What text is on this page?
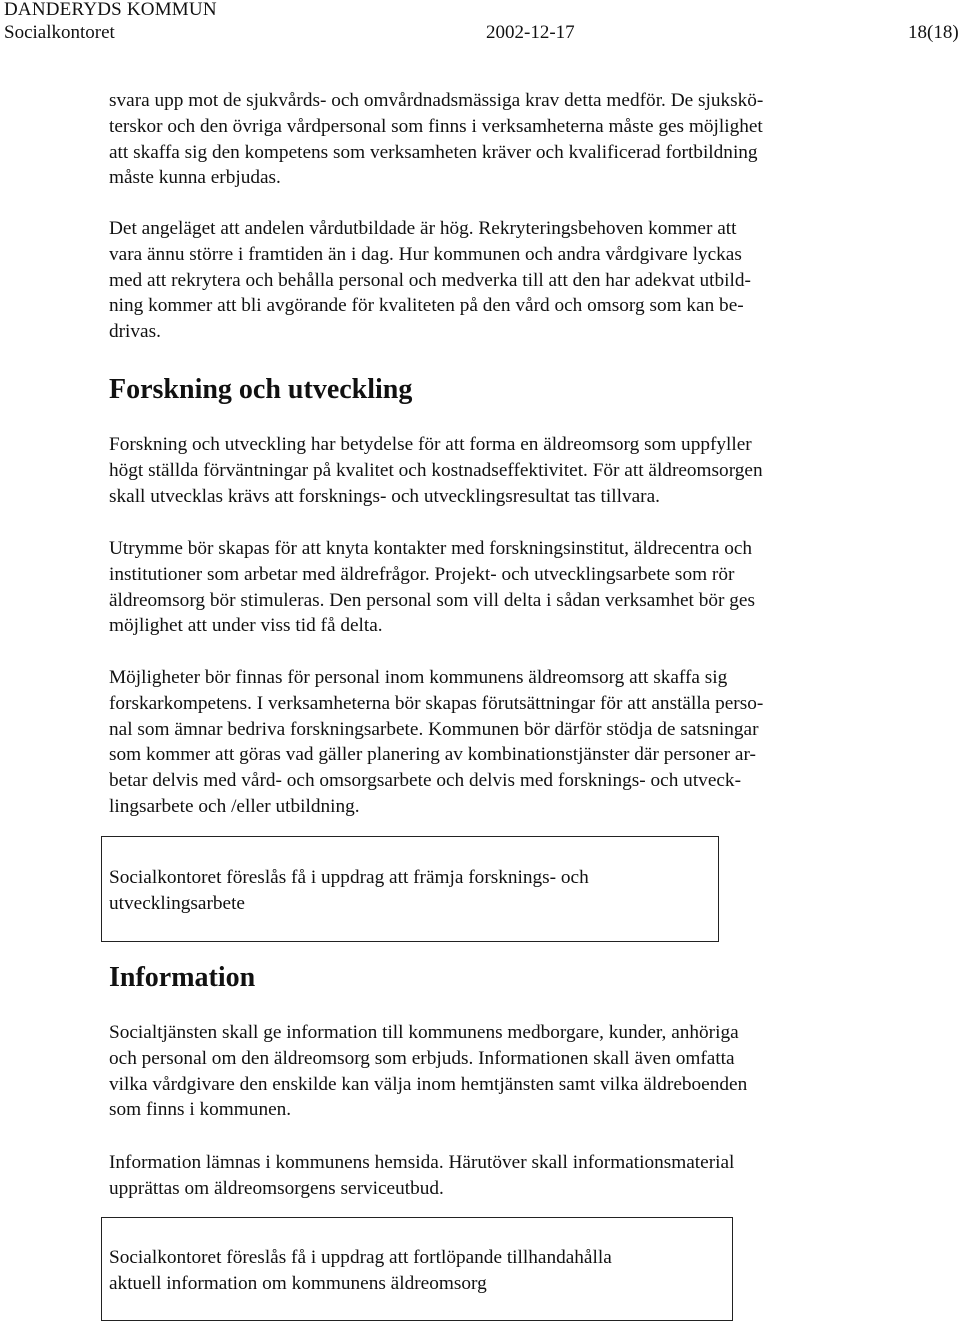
DANDERYDS KOMMUN
Socialkontoret	2002-12-17	18(18)

svara upp mot de sjukvårds- och omvårdnadsmässiga krav detta medför. De sjukskö-
terskor och den övriga vårdpersonal som finns i verksamheterna måste ges möjlighet
att skaffa sig den kompetens som verksamheten kräver och kvalificerad fortbildning
måste kunna erbjudas.

Det angeläget att andelen vårdutbildade är hög. Rekryteringsbehoven kommer att
vara ännu större i framtiden än i dag. Hur kommunen och andra vårdgivare lyckas
med att rekrytera och behålla personal och medverka till att den har adekvat utbild-
ning kommer att bli avgörande för kvaliteten på den vård och omsorg som kan be-
drivas.

Forskning och utveckling

Forskning och utveckling har betydelse för att forma en äldreomsorg som uppfyller
högt ställda förväntningar på kvalitet och kostnadseffektivitet. För att äldreomsorgen
skall utvecklas krävs att forsknings- och utvecklingsresultat tas tillvara.

Utrymme bör skapas för att knyta kontakter med forskningsinstitut, äldrecentra och
institutioner som arbetar med äldrefrågor. Projekt- och utvecklingsarbete som rör
äldreomsorg bör stimuleras. Den personal som vill delta i sådan verksamhet bör ges
möjlighet att under viss tid få delta.

Möjligheter bör finnas för personal inom kommunens äldreomsorg att skaffa sig
forskarkompetens. I verksamheterna bör skapas förutsättningar för att anställa perso-
nal som ämnar bedriva forskningsarbete. Kommunen bör därför stödja de satsningar
som kommer att göras vad gäller planering av kombinationstjänster där personer ar-
betar delvis med vård- och omsorgsarbete och delvis med forsknings- och utveck-
lingsarbete och /eller utbildning.

Socialkontoret föreslås få i uppdrag att främja forsknings- och
utvecklingsarbete

Information

Socialtjänsten skall ge information till kommunens medborgare, kunder, anhöriga
och personal om den äldreomsorg som erbjuds. Informationen skall även omfatta
vilka vårdgivare den enskilde kan välja inom hemtjänsten samt vilka äldreboenden
som finns i kommunen.

Information lämnas i kommunens hemsida. Härutöver skall informationsmaterial
upprättas om äldreomsorgens serviceutbud.

Socialkontoret föreslås få i uppdrag att fortlöpande tillhandahålla
aktuell information om kommunens äldreomsorg
